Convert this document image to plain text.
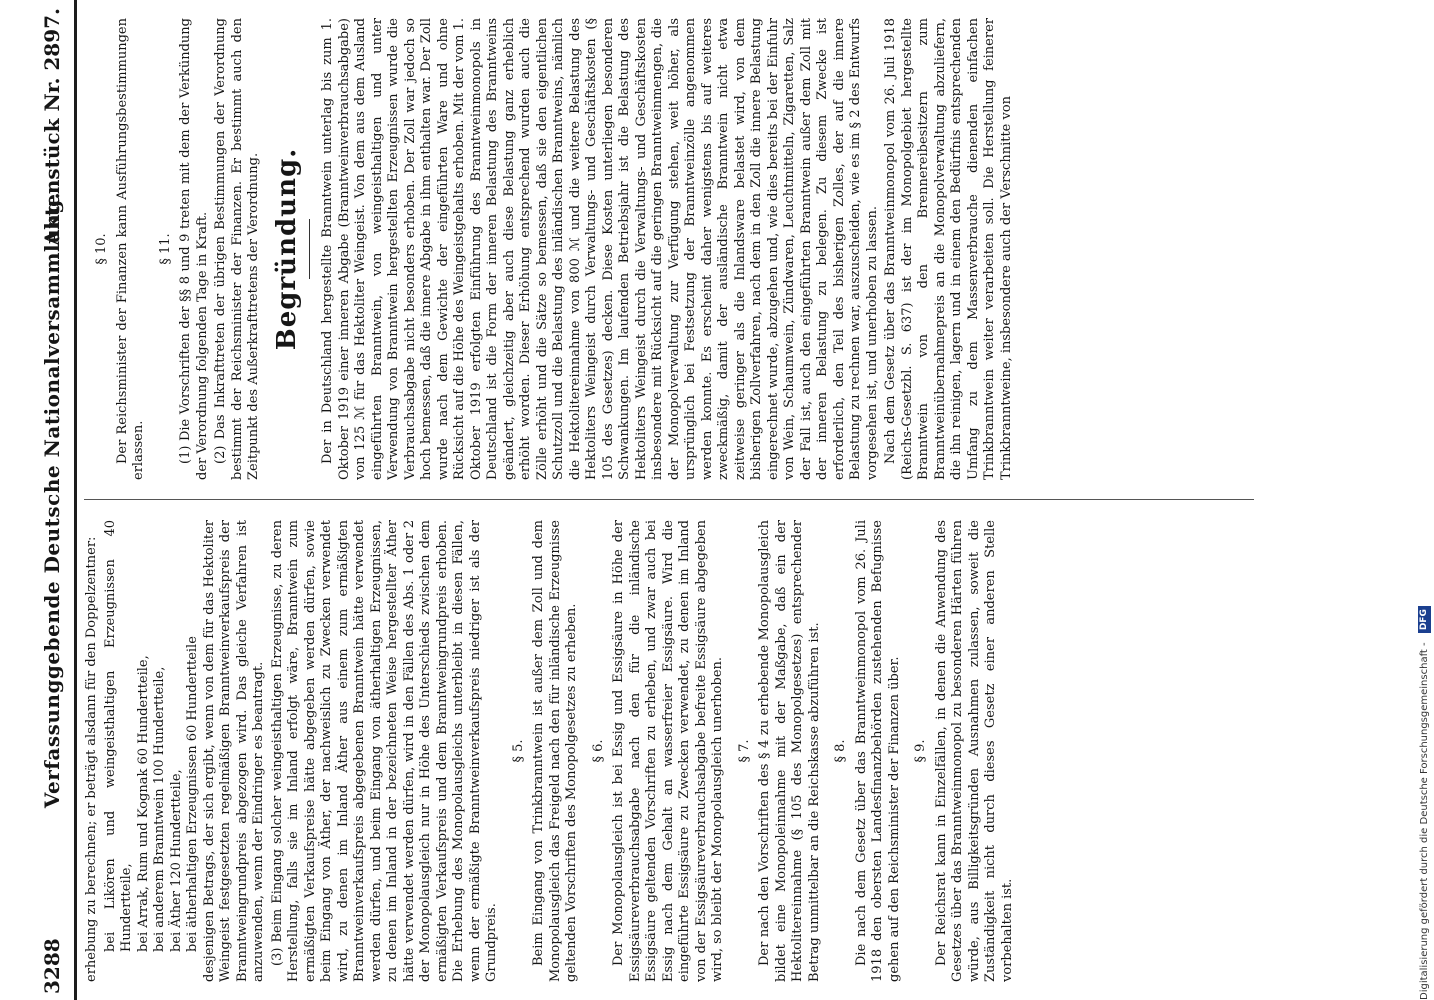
3288
Verfassunggebende Deutsche Nationalversammlung.
Aktenstück Nr. 2897.

erhebung zu berechnen; er beträgt alsdann für den Doppelzentner: bei Likören und weingeisthaltigen Erzeugnissen 40 Hundertteile, bei Arrak, Rum und Kognak 60 Hundertteile, bei anderem Branntwein 100 Hundertteile, bei Äther 120 Hundertteile, bei ätherhaltigen Erzeugnissen 60 Hundertteile desjenigen Betrags, der sich ergibt, wenn von dem für das Hektoliter Weingeist festgesetzten regelmäßigen Branntweinverkaufspreis der Branntweingrundpreis abgezogen wird. Das gleiche Verfahren ist anzuwenden, wenn der Eindringer es beantragt. (3) Beim Eingang solcher weingeisthaltigen Erzeugnisse, zu deren Herstellung, falls sie im Inland erfolgt wäre, Branntwein zum ermäßigten Verkaufspreise hätte abgegeben werden dürfen, sowie beim Eingang von Äther, der nachweislich zu Zwecken verwendet wird, zu denen im Inland Äther aus einem zum ermäßigten Branntweinverkaufspreis abgegebenen Branntwein hätte verwendet werden dürfen, und beim Eingang von ätherhaltigen Erzeugnissen, zu denen im Inland in der bezeichneten Weise hergestellter Äther hätte verwendet werden dürfen, wird in den Fällen des Abs. 1 oder 2 der Monopolausgleich nur in Höhe des Unterschieds zwischen dem ermäßigten Verkaufspreis und dem Branntweingrundpreis erhoben. Die Erhebung des Monopolausgleichs unterbleibt in diesen Fällen, wenn der ermäßigte Branntweinverkaufspreis niedriger ist als der Grundpreis.

§ 5. Beim Eingang von Trinkbranntwein ist außer dem Zoll und dem Monopolausgleich das Freigeld nach den für inländische Erzeugnisse geltenden Vorschriften des Monopolgesetzes zu erheben. § 6. Der Monopolausgleich ist bei Essig und Essigsäure in Höhe der Essigsäureverbrauchsabgabe nach den für die inländische Essigsäure geltenden Vorschriften zu erheben, und zwar auch bei Essig nach dem Gehalt an wasserfreier Essigsäure. Wird die eingeführte Essigsäure zu Zwecken verwendet, zu denen im Inland von der Essigsäureverbrauchsabgabe befreite Essigsäure abgegeben wird, so bleibt der Monopolausgleich unerhoben. § 7. Der nach den Vorschriften des § 4 zu erhebende Monopolausgleich bildet eine Monopoleinnahme mit der Maßgabe, daß ein der Hektolitereinnahme (§ 105 des Monopolgesetzes) entsprechender Betrag unmittelbar an die Reichskasse abzuführen ist. § 8. Die nach dem Gesetz über das Branntweinmonopol vom 26. Juli 1918 den obersten Landesfinanzbehörden zustehenden Befugnisse gehen auf den Reichsminister der Finanzen über. § 9. Der Reichsrat kann in Einzelfällen, in denen die Anwendung des Gesetzes über das Branntweinmonopol zu besonderen Härten führen würde, aus Billigkeitsgründen Ausnahmen zulassen, soweit die Zuständigkeit nicht durch dieses Gesetz einer anderen Stelle vorbehalten ist.

§ 10. Der Reichsminister der Finanzen kann Ausführungsbestimmungen erlassen.

§ 11. (1) Die Vorschriften der §§ 8 und 9 treten mit dem der Verkündung der Verordnung folgenden Tage in Kraft. (2) Das Inkrafttreten der übrigen Bestimmungen der Verordnung bestimmt der Reichsminister der Finanzen. Er bestimmt auch den Zeitpunkt des Außerkrafttretens der Verordnung. Begründung. Der in Deutschland hergestellte Branntwein unterlag bis zum 1. Oktober 1919 einer inneren Abgabe (Branntweinverbrauchsabgabe) von 125 ℳ für das Hektoliter Weingeist. Von dem aus dem Ausland eingeführten Branntwein, von weingeisthaltigen und unter Verwendung von Branntwein hergestellten Erzeugnissen wurde die Verbrauchsabgabe nicht besonders erhoben. Der Zoll war jedoch so hoch bemessen, daß die innere Abgabe in ihm enthalten war. Der Zoll wurde nach dem Gewichte der eingeführten Ware und ohne Rücksicht auf die Höhe des Weingeistgehalts erhoben. Mit der vom 1. Oktober 1919 erfolgten Einführung des Branntweinmonopols in Deutschland ist die Form der inneren Belastung des Branntweins geändert, gleichzeitig aber auch diese Belastung ganz erheblich erhöht worden. Dieser Erhöhung entsprechend wurden auch die Zölle erhöht und die Sätze so bemessen, daß sie den eigentlichen Schutzzoll und die Belastung des inländischen Branntweins, nämlich die Hektolitereinnahme von 800 ℳ und die weitere Belastung des Hektoliters Weingeist durch Verwaltungs- und Geschäftskosten (§ 105 des Gesetzes) decken. Diese Kosten unterliegen besonderen Schwankungen. Im laufenden Betriebsjahr ist die Belastung des Hektoliters Weingeist durch die Verwaltungs- und Geschäftskosten insbesondere mit Rücksicht auf die geringen Branntweinmengen, die der Monopolverwaltung zur Verfügung stehen, weit höher, als ursprünglich bei Festsetzung der Branntweinzölle angenommen werden konnte. Es erscheint daher wenigstens bis auf weiteres zweckmäßig, damit der ausländische Branntwein nicht etwa zeitweise geringer als die Inlandsware belastet wird, von dem bisherigen Zollverfahren, nach dem in den Zoll die innere Belastung eingerechnet wurde, abzugehen und, wie dies bereits bei der Einfuhr von Wein, Schaumwein, Zündwaren, Leuchtmitteln, Zigaretten, Salz der Fall ist, auch den eingeführten Branntwein außer dem Zoll mit der inneren Belastung zu belegen. Zu diesem Zwecke ist erforderlich, den Teil des bisherigen Zolles, der auf die innere Belastung zu rechnen war, auszuscheiden, wie es im § 2 des Entwurfs vorgesehen ist, und unerhoben zu lassen. Nach dem Gesetz über das Branntweinmonopol vom 26. Juli 1918 (Reichs-Gesetzbl. S. 637) ist der im Monopolgebiet hergestellte Branntwein von den Brennereibesitzern zum Branntweinübernahmepreis an die Monopolverwaltung abzuliefern, die ihn reinigen, lagern und in einem den Bedürfnis entsprechenden Umfang zu dem Massenverbrauche dienenden einfachen Trinkbranntwein weiter verarbeiten soll. Die Herstellung feinerer Trinkbranntweine, insbesondere auch der Verschnitte von

Digitalisierung gefördert durch die Deutsche Forschungsgemeinschaft - DFG
